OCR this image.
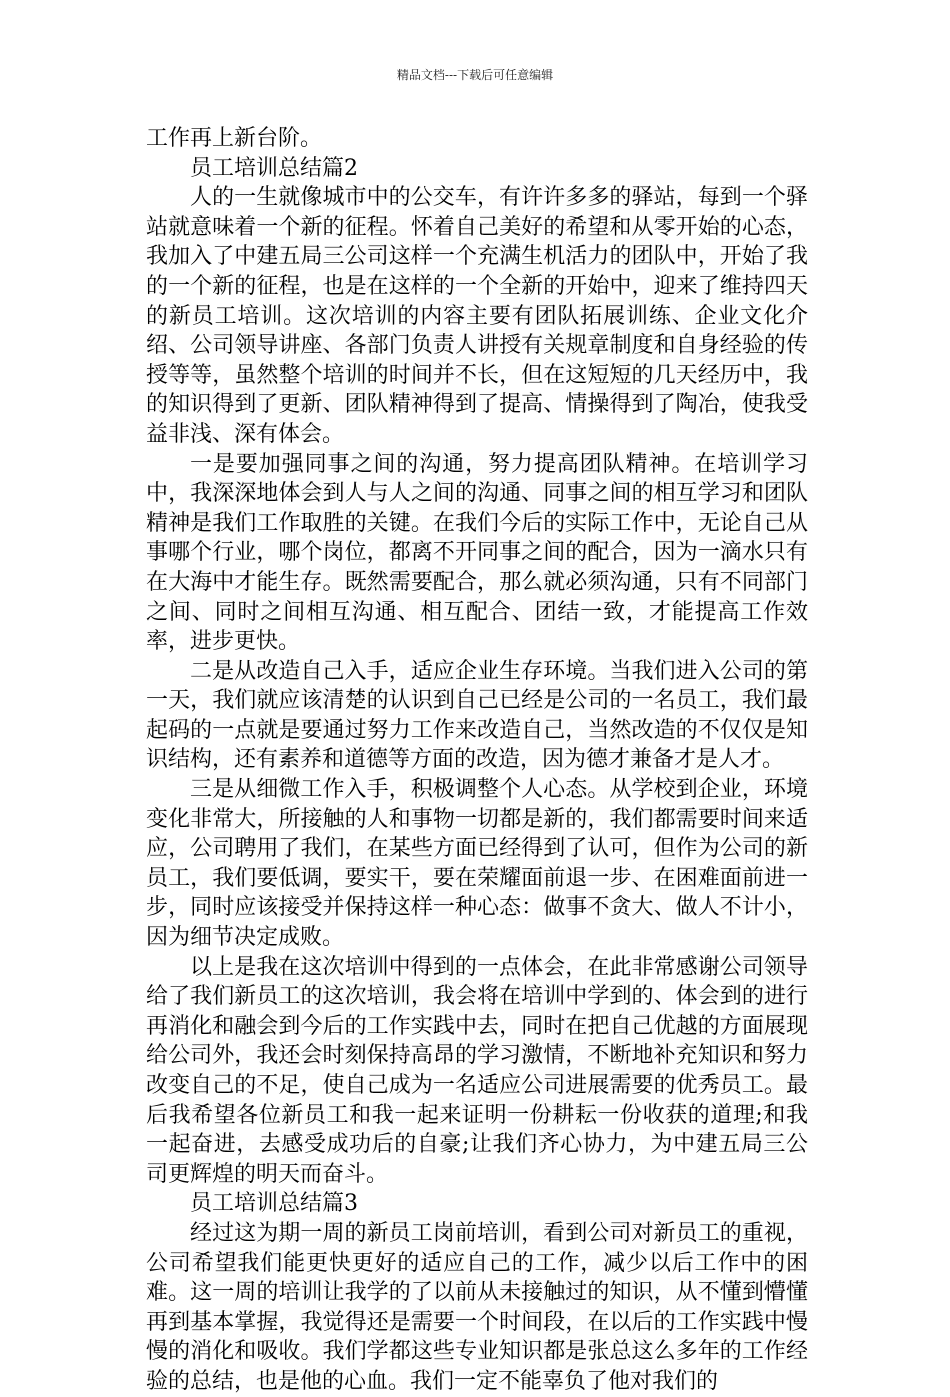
精品文档---下载后可任意编辑

工作再上新台阶。

员工培训总结篇2

人的一生就像城市中的公交车，有许许多多的驿站，每到一个驿站就意味着一个新的征程。怀着自己美好的希望和从零开始的心态，我加入了中建五局三公司这样一个充满生机活力的团队中，开始了我的一个新的征程，也是在这样的一个全新的开始中，迎来了维持四天的新员工培训。这次培训的内容主要有团队拓展训练、企业文化介绍、公司领导讲座、各部门负责人讲授有关规章制度和自身经验的传授等等，虽然整个培训的时间并不长，但在这短短的几天经历中，我的知识得到了更新、团队精神得到了提高、情操得到了陶冶，使我受益非浅、深有体会。

一是要加强同事之间的沟通，努力提高团队精神。在培训学习中，我深深地体会到人与人之间的沟通、同事之间的相互学习和团队精神是我们工作取胜的关键。在我们今后的实际工作中，无论自己从事哪个行业，哪个岗位，都离不开同事之间的配合，因为一滴水只有在大海中才能生存。既然需要配合，那么就必须沟通，只有不同部门之间、同时之间相互沟通、相互配合、团结一致，才能提高工作效率，进步更快。

二是从改造自己入手，适应企业生存环境。当我们进入公司的第一天，我们就应该清楚的认识到自己已经是公司的一名员工，我们最起码的一点就是要通过努力工作来改造自己，当然改造的不仅仅是知识结构，还有素养和道德等方面的改造，因为德才兼备才是人才。

三是从细微工作入手，积极调整个人心态。从学校到企业，环境变化非常大，所接触的人和事物一切都是新的，我们都需要时间来适应，公司聘用了我们，在某些方面已经得到了认可，但作为公司的新员工，我们要低调，要实干，要在荣耀面前退一步、在困难面前进一步，同时应该接受并保持这样一种心态：做事不贪大、做人不计小，因为细节决定成败。

以上是我在这次培训中得到的一点体会，在此非常感谢公司领导给了我们新员工的这次培训，我会将在培训中学到的、体会到的进行再消化和融会到今后的工作实践中去，同时在把自己优越的方面展现给公司外，我还会时刻保持高昂的学习激情，不断地补充知识和努力改变自己的不足，使自己成为一名适应公司进展需要的优秀员工。最后我希望各位新员工和我一起来证明一份耕耘一份收获的道理;和我一起奋进，去感受成功后的自豪;让我们齐心协力，为中建五局三公司更辉煌的明天而奋斗。

员工培训总结篇3

经过这为期一周的新员工岗前培训，看到公司对新员工的重视，公司希望我们能更快更好的适应自己的工作，减少以后工作中的困难。这一周的培训让我学的了以前从未接触过的知识，从不懂到懵懂再到基本掌握，我觉得还是需要一个时间段，在以后的工作实践中慢慢的消化和吸收。我们学都这些专业知识都是张总这么多年的工作经验的总结，也是他的心血。我们一定不能辜负了他对我们的
